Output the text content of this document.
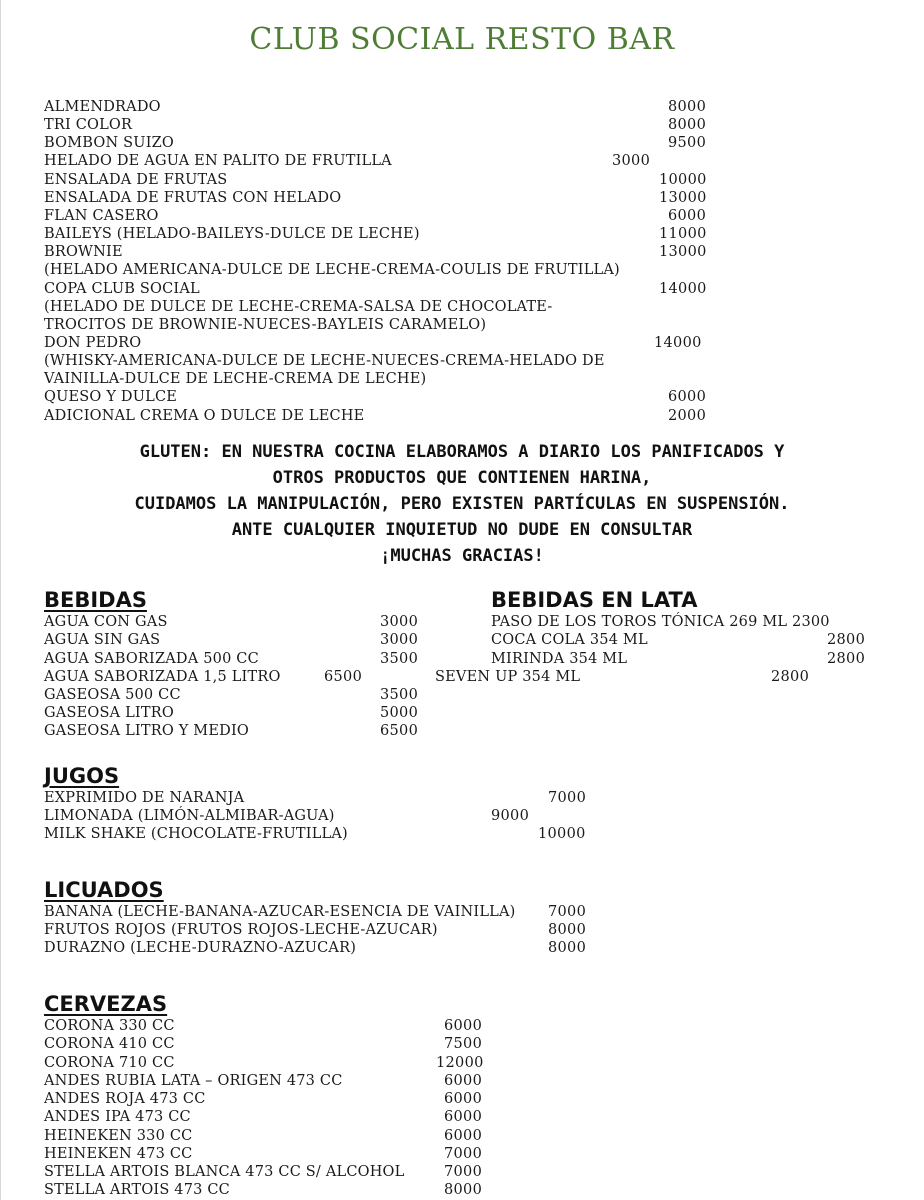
CLUB SOCIAL RESTO BAR
ALMENDRADO	8000
TRI COLOR	8000
BOMBON SUIZO	9500
HELADO DE AGUA EN PALITO DE FRUTILLA	3000
ENSALADA DE FRUTAS	10000
ENSALADA DE FRUTAS CON HELADO	13000
FLAN CASERO	6000
BAILEYS (HELADO-BAILEYS-DULCE DE LECHE)	11000
BROWNIE	13000
(HELADO AMERICANA-DULCE DE LECHE-CREMA-COULIS DE FRUTILLA)
COPA CLUB SOCIAL	14000
(HELADO DE DULCE DE LECHE-CREMA-SALSA DE CHOCOLATE-
TROCITOS DE BROWNIE-NUECES-BAYLEIS CARAMELO)
DON PEDRO	14000
(WHISKY-AMERICANA-DULCE DE LECHE-NUECES-CREMA-HELADO DE
VAINILLA-DULCE DE LECHE-CREMA DE LECHE)
QUESO Y DULCE	6000
ADICIONAL CREMA O DULCE DE LECHE	2000
GLUTEN: EN NUESTRA COCINA ELABORAMOS A DIARIO LOS PANIFICADOS Y
OTROS PRODUCTOS QUE CONTIENEN HARINA,
CUIDAMOS LA MANIPULACIÓN, PERO EXISTEN PARTÍCULAS EN SUSPENSIÓN.
ANTE CUALQUIER INQUIETUD NO DUDE EN CONSULTAR
¡MUCHAS GRACIAS!
BEBIDAS
AGUA CON GAS	3000
AGUA SIN GAS	3000
AGUA SABORIZADA 500 CC	3500
AGUA SABORIZADA 1,5 LITRO	6500
GASEOSA 500 CC	3500
GASEOSA LITRO	5000
GASEOSA LITRO Y MEDIO	6500
BEBIDAS EN LATA
PASO DE LOS TOROS TÓNICA 269 ML 2300
COCA COLA 354 ML	2800
MIRINDA 354 ML	2800
SEVEN UP 354 ML	2800
JUGOS
EXPRIMIDO DE NARANJA	7000
LIMONADA (LIMÓN-ALMIBAR-AGUA)	9000
MILK SHAKE (CHOCOLATE-FRUTILLA)	10000
LICUADOS
BANANA (LECHE-BANANA-AZUCAR-ESENCIA DE VAINILLA) 7000
FRUTOS ROJOS (FRUTOS ROJOS-LECHE-AZUCAR)	8000
DURAZNO (LECHE-DURAZNO-AZUCAR)	8000
CERVEZAS
CORONA 330 CC	6000
CORONA 410 CC	7500
CORONA 710 CC	12000
ANDES RUBIA LATA – ORIGEN 473 CC	6000
ANDES ROJA 473 CC	6000
ANDES IPA 473 CC	6000
HEINEKEN 330 CC	6000
HEINEKEN 473 CC	7000
STELLA ARTOIS BLANCA 473 CC S/ ALCOHOL	7000
STELLA ARTOIS 473 CC	8000
